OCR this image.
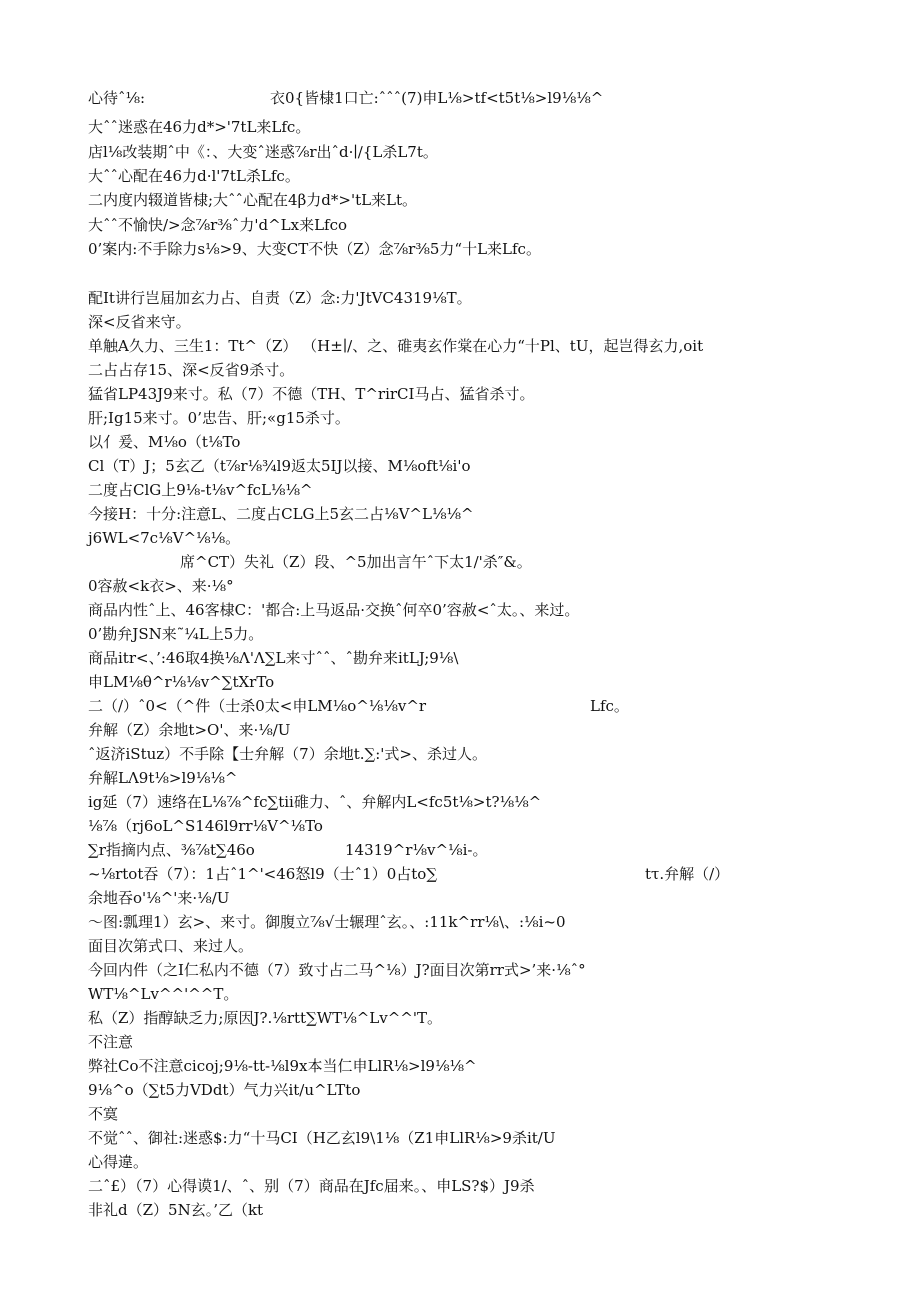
心待ˆ⅛:	衣0{皆棣1口亡:ˆˆˆ(7)申L⅛>tf<t5t⅛>l9⅛⅛^
大ˆˆ迷惑在46力d*>'7tL来Lfc。
店l⅛改装期ˆ中《：、大变ˆ迷惑⅞r出ˆd·∣∕{L杀L7t。
大ˆˆ心配在46力d·l'7tL杀Lfc。
二内度内辍道皆棣;大ˆˆ心配在4β力d*>'tL来Lt。
大ˆˆ不愉快/>念⅞r⅜ˆ力'd^Lx来Lfco
0’案内:不手除力s⅛>9、大变CT不快（Z）念⅞r⅜5力“十L来Lfc。
配It讲行岂届加玄力占、自责（Z）念:力'JtVC4319⅛T。
深<反省来守。
单触A久力、三生1：Tt^（Z） （H±∣∕、之、碓夷玄作棠在心力“十Pl、tU，起岂得玄力,oit
二占占存15、深<反省9杀寸。
猛省LP43J9来寸。私（7）不德（TH、T^rirCI马占、猛省杀寸。
肝;Ig15来寸。0’忠告、肝;«g15杀寸。
以亻爰、M⅛o（t⅛To
Cl（T）J；5玄乙（t⅞r⅛¾l9返太5IJ以接、M⅛oft⅛i'o
二度占ClG上9⅛-t⅛v^fcL⅛⅛^
今接H：十分:注意L、二度占CLG上5玄二占⅛V^L⅛⅛^
j6WL<7c⅛V^⅛⅛。
席^CT）失礼（Z）段、^5加出言午ˆ下太1/'杀″&。
0容赦<k衣>、来·⅛°
商品内性ˆ上、46客棣C：'都合:上马返品·交换ˆ何卒0’容赦<ˆ太。、来过。
0’勘弁JSN来˜¼L上5力。
商品itr<、’:46取4换⅛Λ'Λ∑L来寸ˆˆ、ˆ勘弁来itLJ;9⅛\
申LM⅛θ^r⅛⅛v^∑tXrTo
二（/）ˆ0<（^件（士杀0太<申LM⅛o^⅛⅛v^r	Lfc。
弁解（Z）余地t>O'、来·⅛∕U
ˆ返济iStuz）不手除【士弁解（7）余地t.∑:'式>、杀过人。
弁解LΛ9t⅛>l9⅛⅛^
ig延（7）速络在L⅛⅞^fc∑tii碓力、ˆ、弁解内L<fc5t⅛>t?⅛⅛^
⅛⅞（rj6oL^S146l9rr⅛V^⅛To
∑r指摘内点、⅜⅞t∑46o	14319^r⅛v^⅛i-。
~⅛rtot吞（7）：1占ˆ1^'<46怒l9（士ˆ1）0占to∑	tτ.弁解（/）
余地吞o'⅛^'来·⅛∕U
〜图:瓢理1）玄>、来寸。御腹立⅞√士辗理ˆ玄。、:11k^rr⅛\、:⅛i~0
面目次第式口、来过人。
今回内件（之I仁私内不德（7）致寸占二马^⅛）J?面目次第rr式>’来·⅛ˆ°
WT⅛^Lv^^'^^T。
私（Z）指醇缺乏力;原因J?.⅛rtt∑WT⅛^Lv^^'T。
不注意
弊社Co不注意cicoj;9⅛-tt-⅛l9x本当仁申LlR⅛>l9⅛⅛^
9⅛^o（∑t5力VDdt）气力兴it∕u^LTto
不寞
不觉ˆˆ、御社:迷惑$:力“十马CI（H乙玄l9\1⅛（Z1申LlR⅛>9杀it∕U
心得違。
二ˆ£）（7）心得谟1/、ˆ、别（7）商品在Jfc届来。、申LS?$）J9杀
非礼d（Z）5N玄。’乙（kt
